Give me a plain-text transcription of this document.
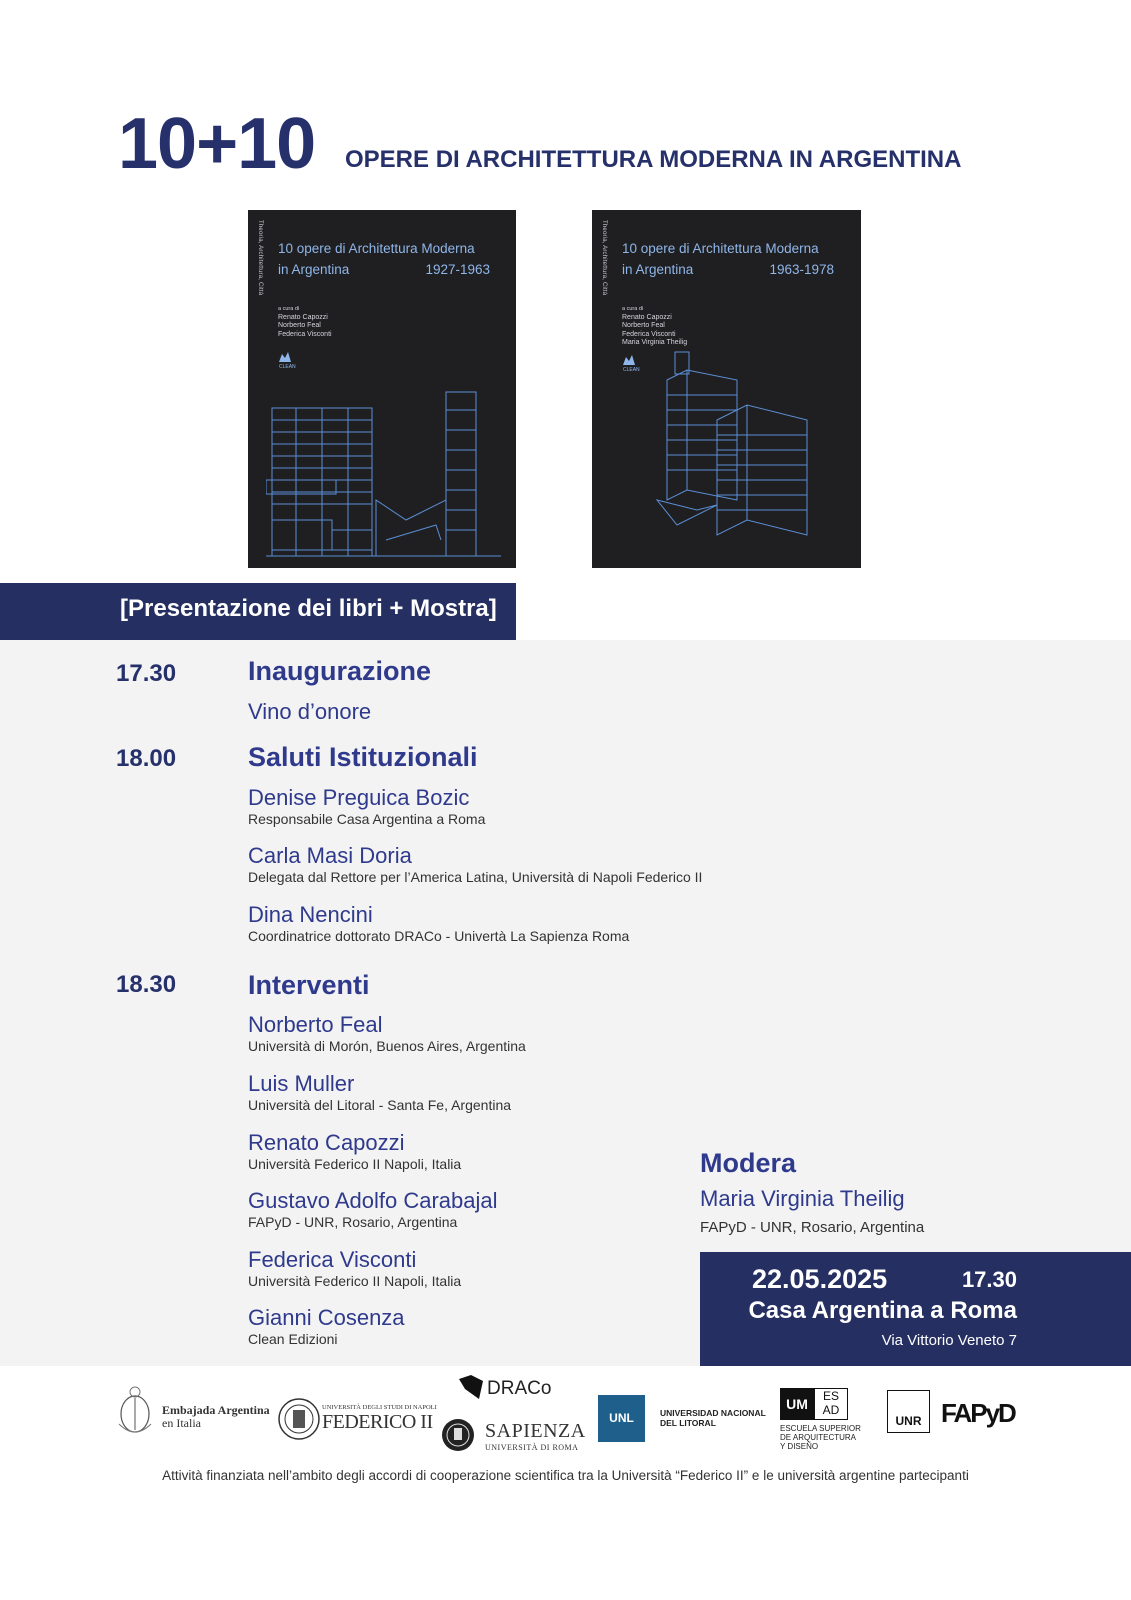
10+10 OPERE DI ARCHITETTURA MODERNA IN ARGENTINA
Theoria, Architettura, Città 10 opere di Architettura Moderna
in Argentina	1927-1963
a cura di
Renato Capozzi
Norberto Feal
Federica Visconti
CLEAN
Theoria, Architettura, Città 10 opere di Architettura Moderna
in Argentina	1963-1978
a cura di
Renato Capozzi
Norberto Feal
Federica Visconti
Maria Virginia Theilig
CLEAN
[Presentazione dei libri + Mostra]
17.30	Inaugurazione
Vino d’onore
18.00	Saluti Istituzionali
Denise Preguica Bozic
Responsabile Casa Argentina a Roma
Carla Masi Doria
Delegata dal Rettore per l’America Latina, Università di Napoli Federico II
Dina Nencini
Coordinatrice dottorato DRACo - Univertà La Sapienza Roma
18.30	Interventi
Norberto Feal
Università di Morón, Buenos Aires, Argentina
Luis Muller
Università del Litoral - Santa Fe, Argentina
Renato Capozzi
Università Federico II Napoli, Italia
Gustavo Adolfo Carabajal
FAPyD - UNR, Rosario, Argentina
Federica Visconti
Università Federico II Napoli, Italia
Gianni Cosenza
Clean Edizioni
Modera
Maria Virginia Theilig
FAPyD - UNR, Rosario, Argentina
22.05.2025	17.30
Casa Argentina a Roma
Via Vittorio Veneto 7
Embajada Argentina
en Italia
UNIVERSITÀ DEGLI STUDI DI NAPOLI
FEDERICO II
DRACo
SAPIENZA
UNIVERSITÀ DI ROMA
UNL	UNIVERSIDAD NACIONAL
DEL LITORAL
UM	ES
AD
ESCUELA SUPERIOR
DE ARQUITECTURA
Y DISEÑO
UNR FAPyD
Attività finanziata nell’ambito degli accordi di cooperazione scientifica tra la Università “Federico II” e le università argentine partecipanti
